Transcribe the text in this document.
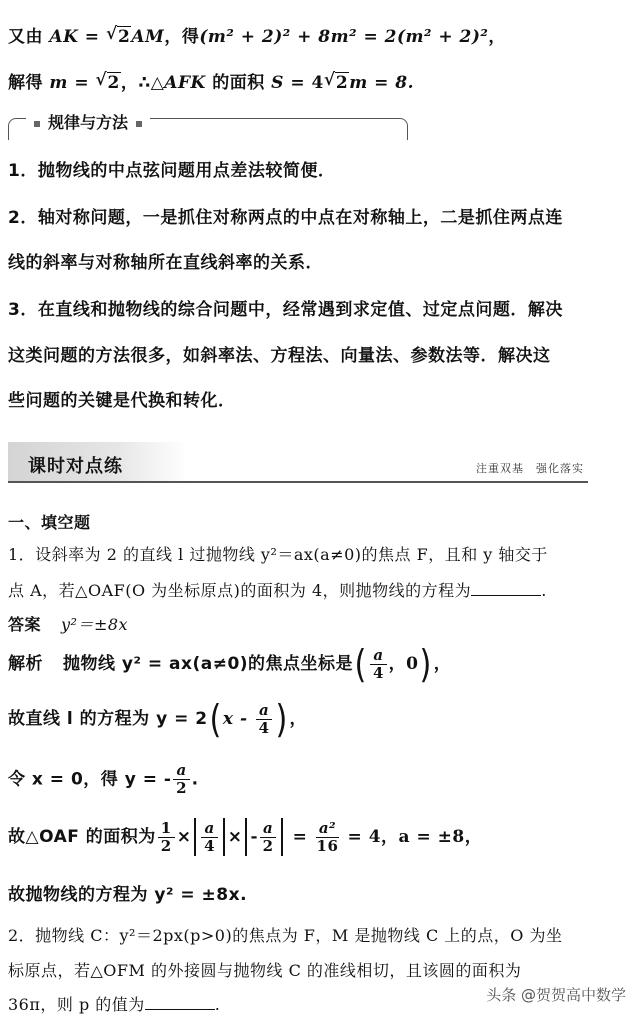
又由 AK = √ 2AM，得(m² + 2)² + 8m² = 2(m² + 2)²，
解得 m = √ 2，∴△AFK 的面积 S = 4√ 2m = 8.
规律与方法
1．抛物线的中点弦问题用点差法较简便．
2．轴对称问题，一是抓住对称两点的中点在对称轴上，二是抓住两点连
线的斜率与对称轴所在直线斜率的关系．
3．在直线和抛物线的综合问题中，经常遇到求定值、过定点问题．解决
这类问题的方法很多，如斜率法、方程法、向量法、参数法等．解决这
些问题的关键是代换和转化．
课时对点练	注重双基　强化落实
一、填空题
1．设斜率为 2 的直线 l 过抛物线 y²＝ax(a≠0)的焦点 F，且和 y 轴交于
点 A，若△OAF(O 为坐标原点)的面积为 4，则抛物线的方程为	.
答案 y²＝±8x
解析 抛物线 y² = ax(a≠0)的焦点坐标是( $\frac{a}{4}$ ，0)，
故直线 l 的方程为 $y = 2(x - \frac{a}{4}$ )，
令 x = 0，得 y = - $\frac{a}{2}$ .
故△OAF 的面积为 $\frac{1}{2} \times \frac{a}{4}$ × - $\frac{a}{2} = \frac{\text{a²}}{16} = 4$，a = ±8，
故抛物线的方程为 y² = ±8x.
2．抛物线 C：y²＝2px(p>0)的焦点为 F，M 是抛物线 C 上的点，O 为坐
标原点，若△OFM 的外接圆与抛物线 C 的准线相切，且该圆的面积为
36π，则 p 的值为	.	头条 @贺贺高中数学
